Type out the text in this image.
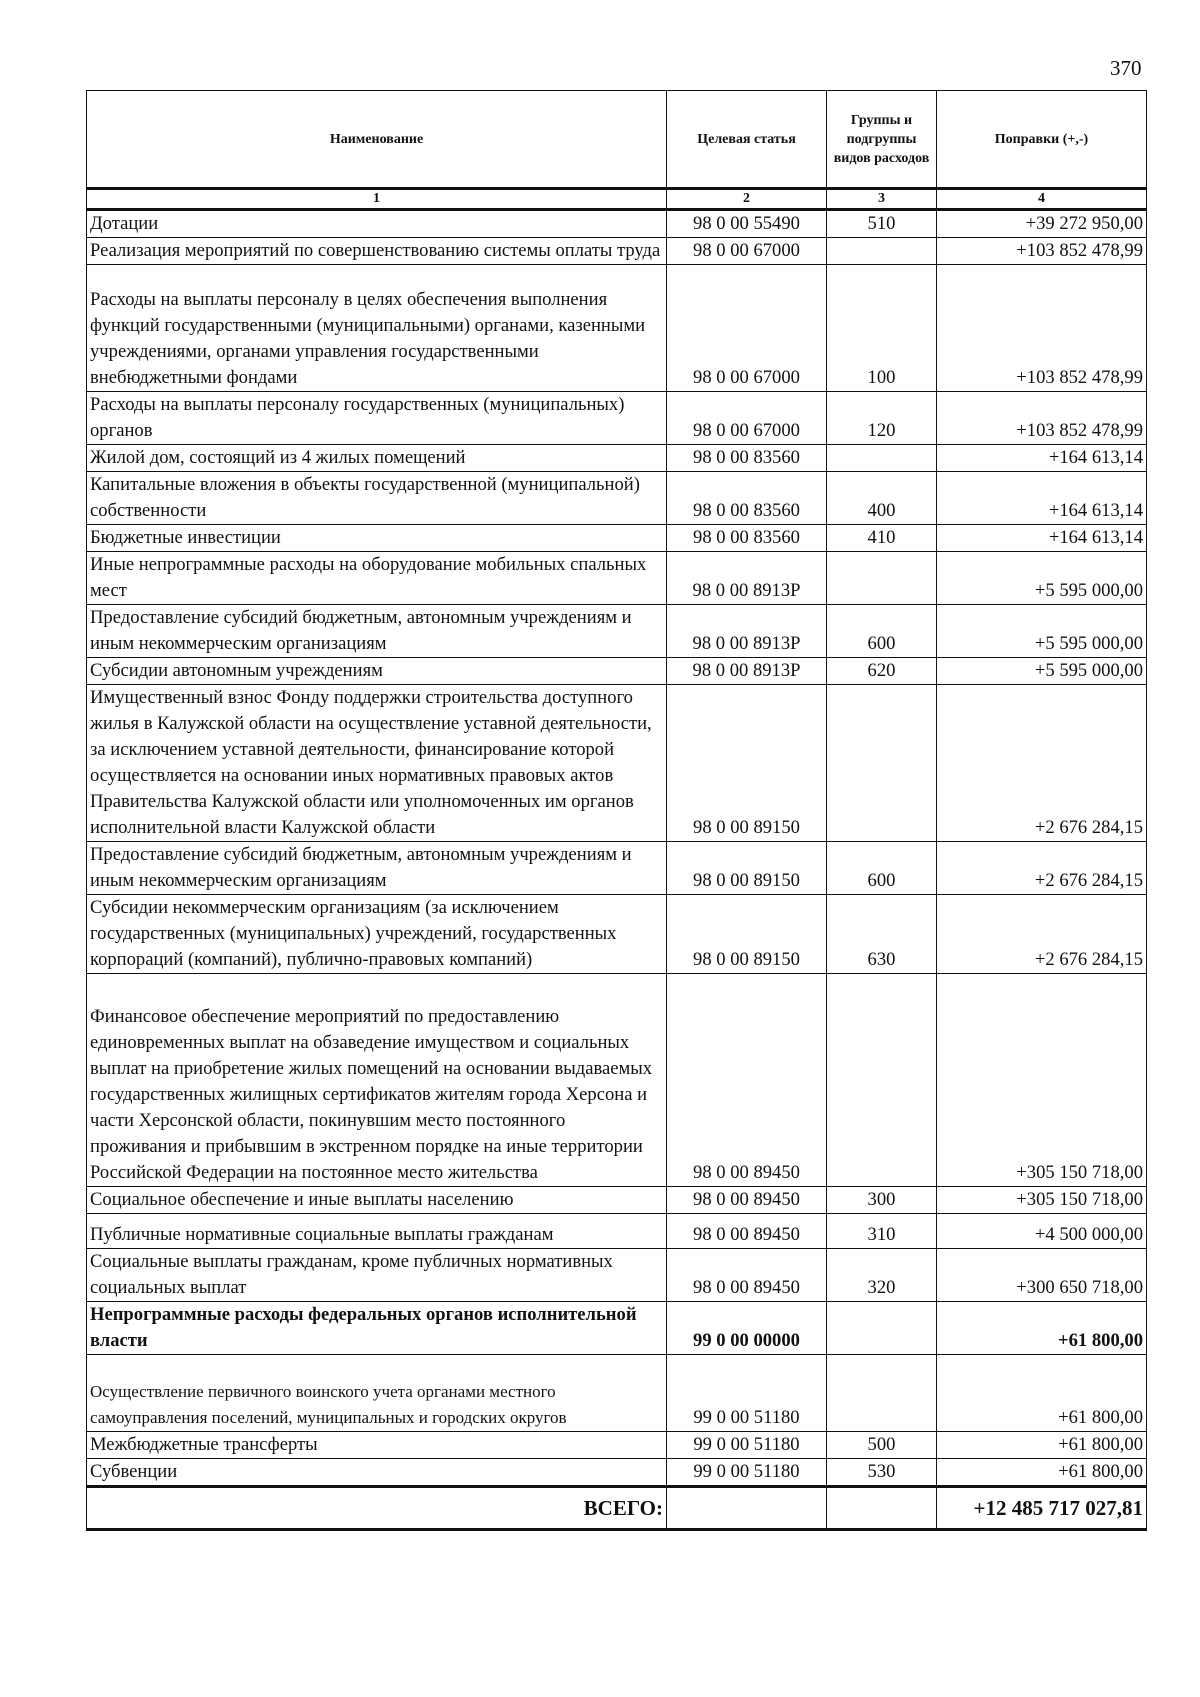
370
Наименование	Целевая статья	Группы и подгруппы видов расходов	Поправки (+,-)
1	2	3	4
Дотации	98 0 00 55490	510	+39 272 950,00
Реализация мероприятий по совершенствованию системы оплаты труда	98 0 00 67000		+103 852 478,99
Расходы на выплаты персоналу в целях обеспечения выполнения функций государственными (муниципальными) органами, казенными учреждениями, органами управления государственными внебюджетными фондами	98 0 00 67000	100	+103 852 478,99
Расходы на выплаты персоналу государственных (муниципальных) органов	98 0 00 67000	120	+103 852 478,99
Жилой дом, состоящий из 4 жилых помещений	98 0 00 83560		+164 613,14
Капитальные вложения в объекты государственной (муниципальной) собственности	98 0 00 83560	400	+164 613,14
Бюджетные инвестиции	98 0 00 83560	410	+164 613,14
Иные непрограммные расходы на оборудование мобильных спальных мест	98 0 00 8913Р		+5 595 000,00
Предоставление субсидий бюджетным, автономным учреждениям и иным некоммерческим организациям	98 0 00 8913Р	600	+5 595 000,00
Субсидии автономным учреждениям	98 0 00 8913Р	620	+5 595 000,00
Имущественный взнос Фонду поддержки строительства доступного жилья в Калужской области на осуществление уставной деятельности, за исключением уставной деятельности, финансирование которой осуществляется на основании иных нормативных правовых актов Правительства Калужской области или уполномоченных им органов исполнительной власти Калужской области	98 0 00 89150		+2 676 284,15
Предоставление субсидий бюджетным, автономным учреждениям и иным некоммерческим организациям	98 0 00 89150	600	+2 676 284,15
Субсидии некоммерческим организациям (за исключением государственных (муниципальных) учреждений, государственных корпораций (компаний), публично-правовых компаний)	98 0 00 89150	630	+2 676 284,15
Финансовое обеспечение мероприятий по предоставлению единовременных выплат на обзаведение имуществом и социальных выплат на приобретение жилых помещений на основании выдаваемых государственных жилищных сертификатов жителям города Херсона и части Херсонской области, покинувшим место постоянного проживания и прибывшим в экстренном порядке на иные территории Российской Федерации на постоянное место жительства	98 0 00 89450		+305 150 718,00
Социальное обеспечение и иные выплаты населению	98 0 00 89450	300	+305 150 718,00
Публичные нормативные социальные выплаты гражданам	98 0 00 89450	310	+4 500 000,00
Социальные выплаты гражданам, кроме публичных нормативных социальных выплат	98 0 00 89450	320	+300 650 718,00
Непрограммные расходы федеральных органов исполнительной власти	99 0 00 00000		+61 800,00
Осуществление первичного воинского учета органами местного самоуправления поселений, муниципальных и городских округов	99 0 00 51180		+61 800,00
Межбюджетные трансферты	99 0 00 51180	500	+61 800,00
Субвенции	99 0 00 51180	530	+61 800,00
ВСЕГО:			+12 485 717 027,81
